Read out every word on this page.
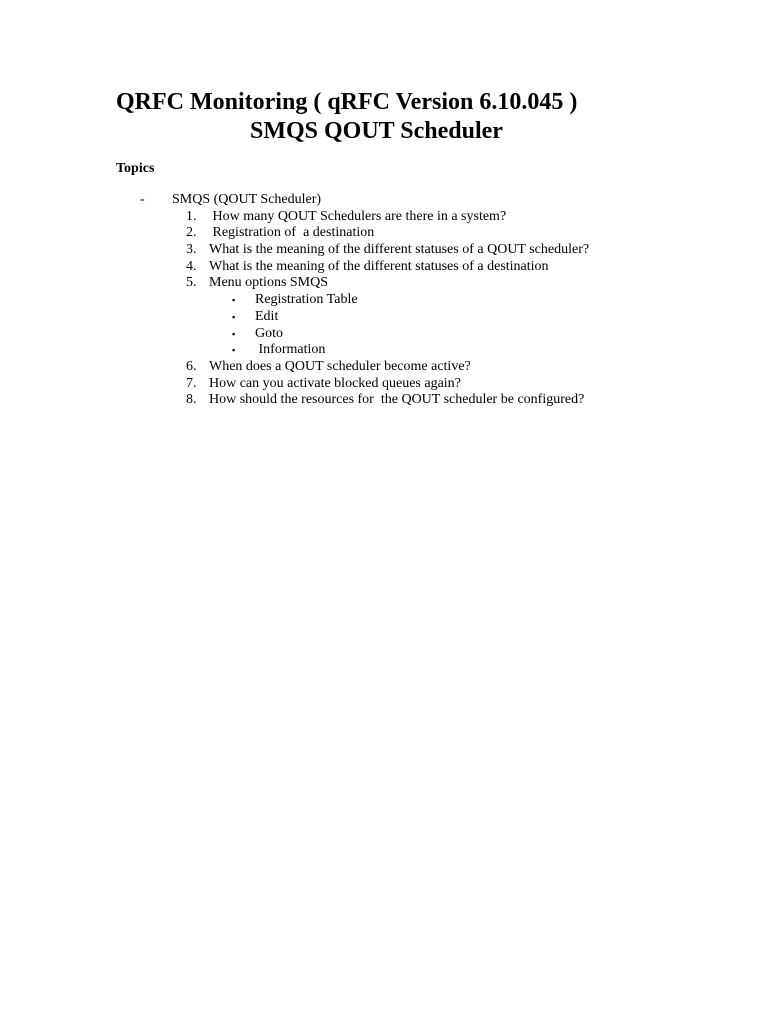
QRFC Monitoring ( qRFC Version 6.10.045 )
SMQS QOUT Scheduler
Topics
- SMQS (QOUT Scheduler)
1. How many QOUT Schedulers are there in a system?
2. Registration of  a destination
3. What is the meaning of the different statuses of a QOUT scheduler?
4. What is the meaning of the different statuses of a destination
5. Menu options SMQS
▪ Registration Table
▪ Edit
▪ Goto
▪ Information
6. When does a QOUT scheduler become active?
7. How can you activate blocked queues again?
8. How should the resources for  the QOUT scheduler be configured?
